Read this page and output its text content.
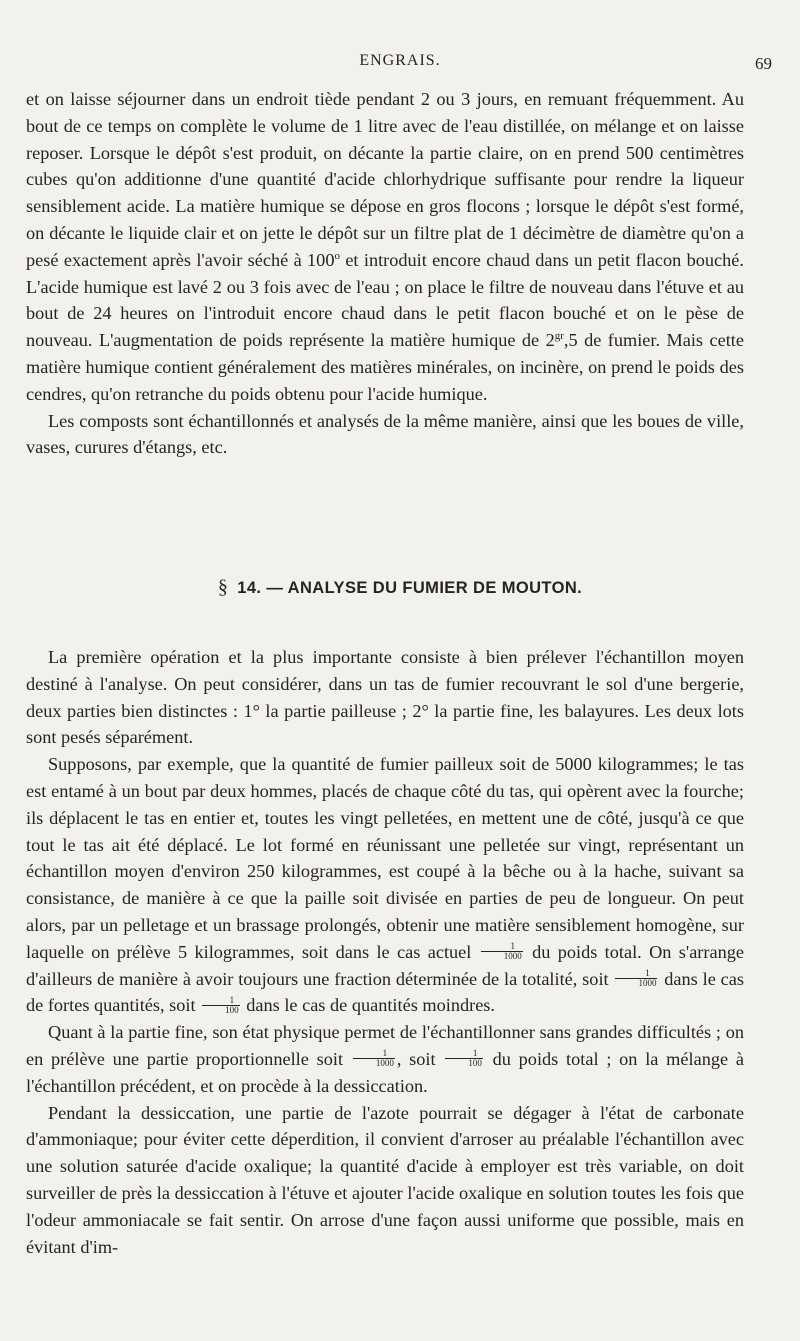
ENGRAIS.	69

et on laisse séjourner dans un endroit tiède pendant 2 ou 3 jours, en remuant fréquemment. Au bout de ce temps on complète le volume de 1 litre avec de l'eau distillée, on mélange et on laisse reposer. Lorsque le dépôt s'est produit, on décante la partie claire, on en prend 500 centimètres cubes qu'on additionne d'une quantité d'acide chlorhydrique suffisante pour rendre la liqueur sensiblement acide. La matière humique se dépose en gros flocons ; lorsque le dépôt s'est formé, on décante le liquide clair et on jette le dépôt sur un filtre plat de 1 décimètre de diamètre qu'on a pesé exactement après l'avoir séché à 100$^o$ et introduit encore chaud dans un petit flacon bouché. L'acide humique est lavé 2 ou 3 fois avec de l'eau ; on place le filtre de nouveau dans l'étuve et au bout de 24 heures on l'introduit encore chaud dans le petit flacon bouché et on le pèse de nouveau. L'augmentation de poids représente la matière humique de $2^{gr},5$ de fumier. Mais cette matière humique contient généralement des matières minérales, on incinère, on prend le poids des cendres, qu'on retranche du poids obtenu pour l'acide humique.

Les composts sont échantillonnés et analysés de la même manière, ainsi que les boues de ville, vases, curures d'étangs, etc.

§ 14. — ANALYSE DU FUMIER DE MOUTON.

La première opération et la plus importante consiste à bien prélever l'échantillon moyen destiné à l'analyse. On peut considérer, dans un tas de fumier recouvrant le sol d'une bergerie, deux parties bien distinctes : 1° la partie pailleuse ; 2° la partie fine, les balayures. Les deux lots sont pesés séparément.

Supposons, par exemple, que la quantité de fumier pailleux soit de 5000 kilogrammes; le tas est entamé à un bout par deux hommes, placés de chaque côté du tas, qui opèrent avec la fourche; ils déplacent le tas en entier et, toutes les vingt pelletées, en mettent une de côté, jusqu'à ce que tout le tas ait été déplacé. Le lot formé en réunissant une pelletée sur vingt, représentant un échantillon moyen d'environ 250 kilogrammes, est coupé à la bêche ou à la hache, suivant sa consistance, de manière à ce que la paille soit divisée en parties de peu de longueur. On peut alors, par un pelletage et un brassage prolongés, obtenir une matière sensiblement homogène, sur laquelle on prélève 5 kilogrammes, soit dans le cas actuel $\frac{1}{1000}$ du poids total. On s'arrange d'ailleurs de manière à avoir toujours une fraction déterminée de la totalité, soit $\frac{1}{1000}$ dans le cas de fortes quantités, soit $\frac{1}{100}$ dans le cas de quantités moindres.

Quant à la partie fine, son état physique permet de l'échantillonner sans grandes difficultés ; on en prélève une partie proportionnelle soit $\frac{1}{1000}$ , soit $\frac{1}{100}$ du poids total ; on la mélange à l'échantillon précédent, et on procède à la dessiccation.

Pendant la dessiccation, une partie de l'azote pourrait se dégager à l'état de carbonate d'ammoniaque; pour éviter cette déperdition, il convient d'arroser au préalable l'échantillon avec une solution saturée d'acide oxalique; la quantité d'acide à employer est très variable, on doit surveiller de près la dessiccation à l'étuve et ajouter l'acide oxalique en solution toutes les fois que l'odeur ammoniacale se fait sentir. On arrose d'une façon aussi uniforme que possible, mais en évitant d'im-
